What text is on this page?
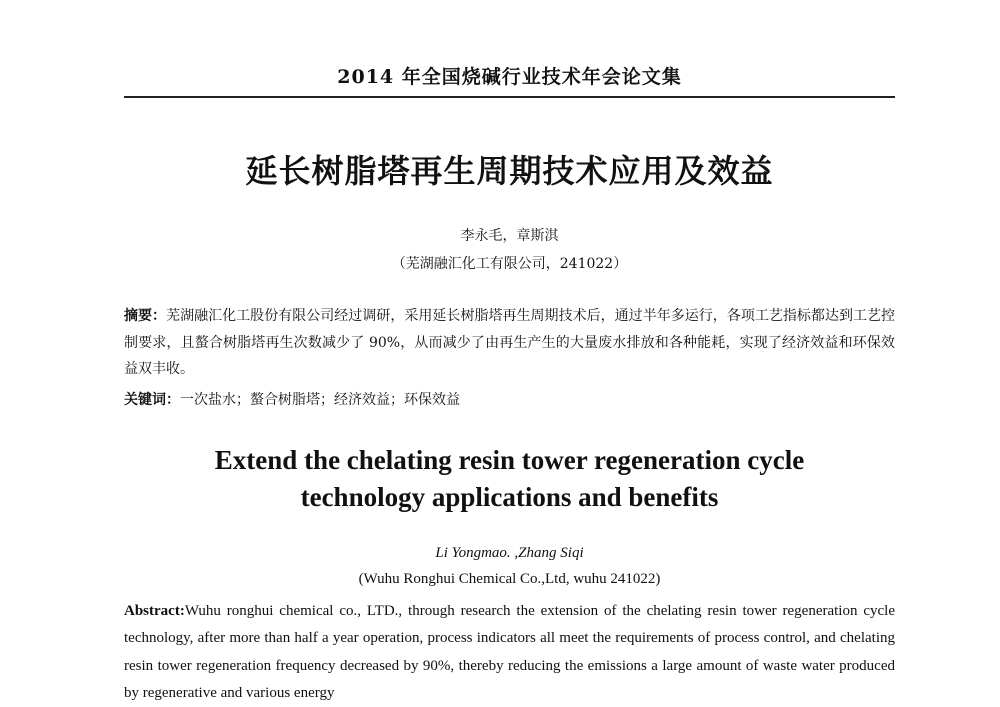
2014 年全国烧碱行业技术年会论文集
延长树脂塔再生周期技术应用及效益
李永毛，章斯淇
（芜湖融汇化工有限公司，241022）
摘要：芜湖融汇化工股份有限公司经过调研，采用延长树脂塔再生周期技术后，通过半年多运行，各项工艺指标都达到工艺控制要求，且螯合树脂塔再生次数减少了 90%，从而减少了由再生产生的大量废水排放和各种能耗，实现了经济效益和环保效益双丰收。
关键词：一次盐水；螯合树脂塔；经济效益；环保效益
Extend the chelating resin tower regeneration cycle
technology applications and benefits
Li Yongmao. ,Zhang Siqi
(Wuhu Ronghui Chemical Co.,Ltd, wuhu 241022)
Abstract:Wuhu ronghui chemical co., LTD., through research the extension of the chelating resin tower regeneration cycle technology, after more than half a year operation, process indicators all meet the requirements of process control, and chelating resin tower regeneration frequency decreased by 90%, thereby reducing the emissions a large amount of waste water produced by regenerative and various energy
